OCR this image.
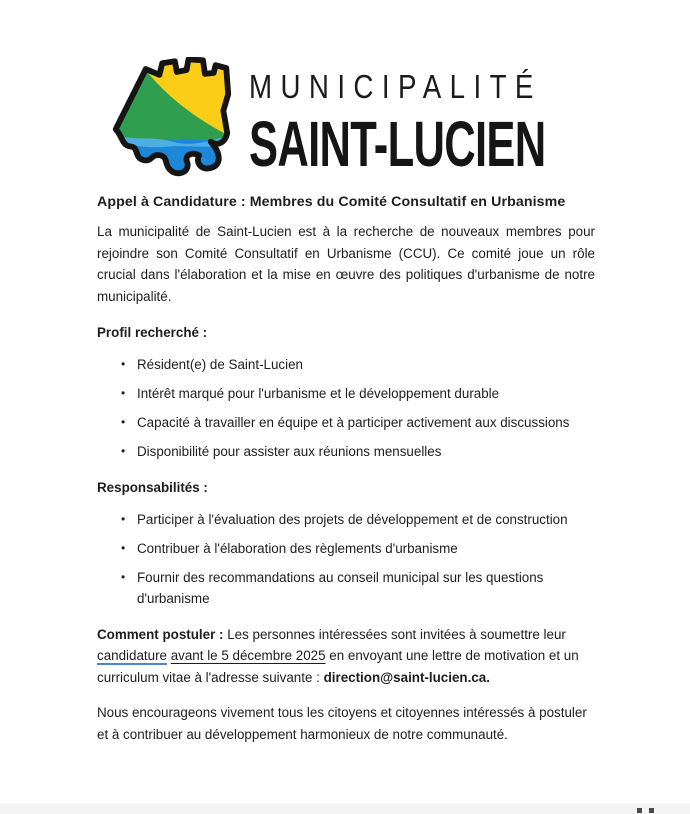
MUNICIPALITÉ
SAINT-LUCIEN
Appel à Candidature : Membres du Comité Consultatif en Urbanisme

La municipalité de Saint-Lucien est à la recherche de nouveaux membres pour rejoindre son Comité Consultatif en Urbanisme (CCU). Ce comité joue un rôle crucial dans l'élaboration et la mise en œuvre des politiques d'urbanisme de notre municipalité.

Profil recherché :
• Résident(e) de Saint-Lucien
• Intérêt marqué pour l'urbanisme et le développement durable
• Capacité à travailler en équipe et à participer activement aux discussions
• Disponibilité pour assister aux réunions mensuelles
Responsabilités :
• Participer à l'évaluation des projets de développement et de construction
• Contribuer à l'élaboration des règlements d'urbanisme
• Fournir des recommandations au conseil municipal sur les questions d'urbanisme

Comment postuler : Les personnes intéressées sont invitées à soumettre leur candidature avant le 5 décembre 2025 en envoyant une lettre de motivation et un curriculum vitae à l'adresse suivante : direction@saint-lucien.ca.

Nous encourageons vivement tous les citoyens et citoyennes intéressés à postuler et à contribuer au développement harmonieux de notre communauté.
